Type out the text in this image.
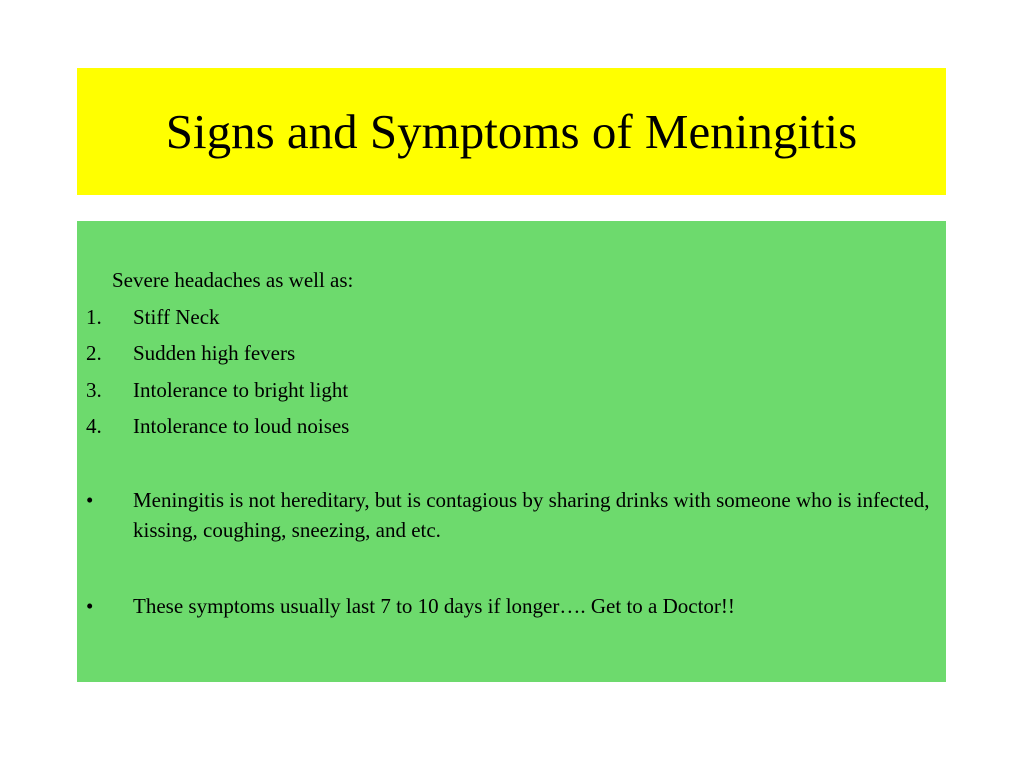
Signs and Symptoms of Meningitis
Severe headaches as well as:
1. Stiff Neck
2. Sudden high fevers
3. Intolerance to bright light
4. Intolerance to loud noises
• Meningitis is not hereditary, but is contagious by sharing drinks with someone who is infected, kissing, coughing, sneezing, and etc.
• These symptoms usually last 7 to 10 days if longer…. Get to a Doctor!!
